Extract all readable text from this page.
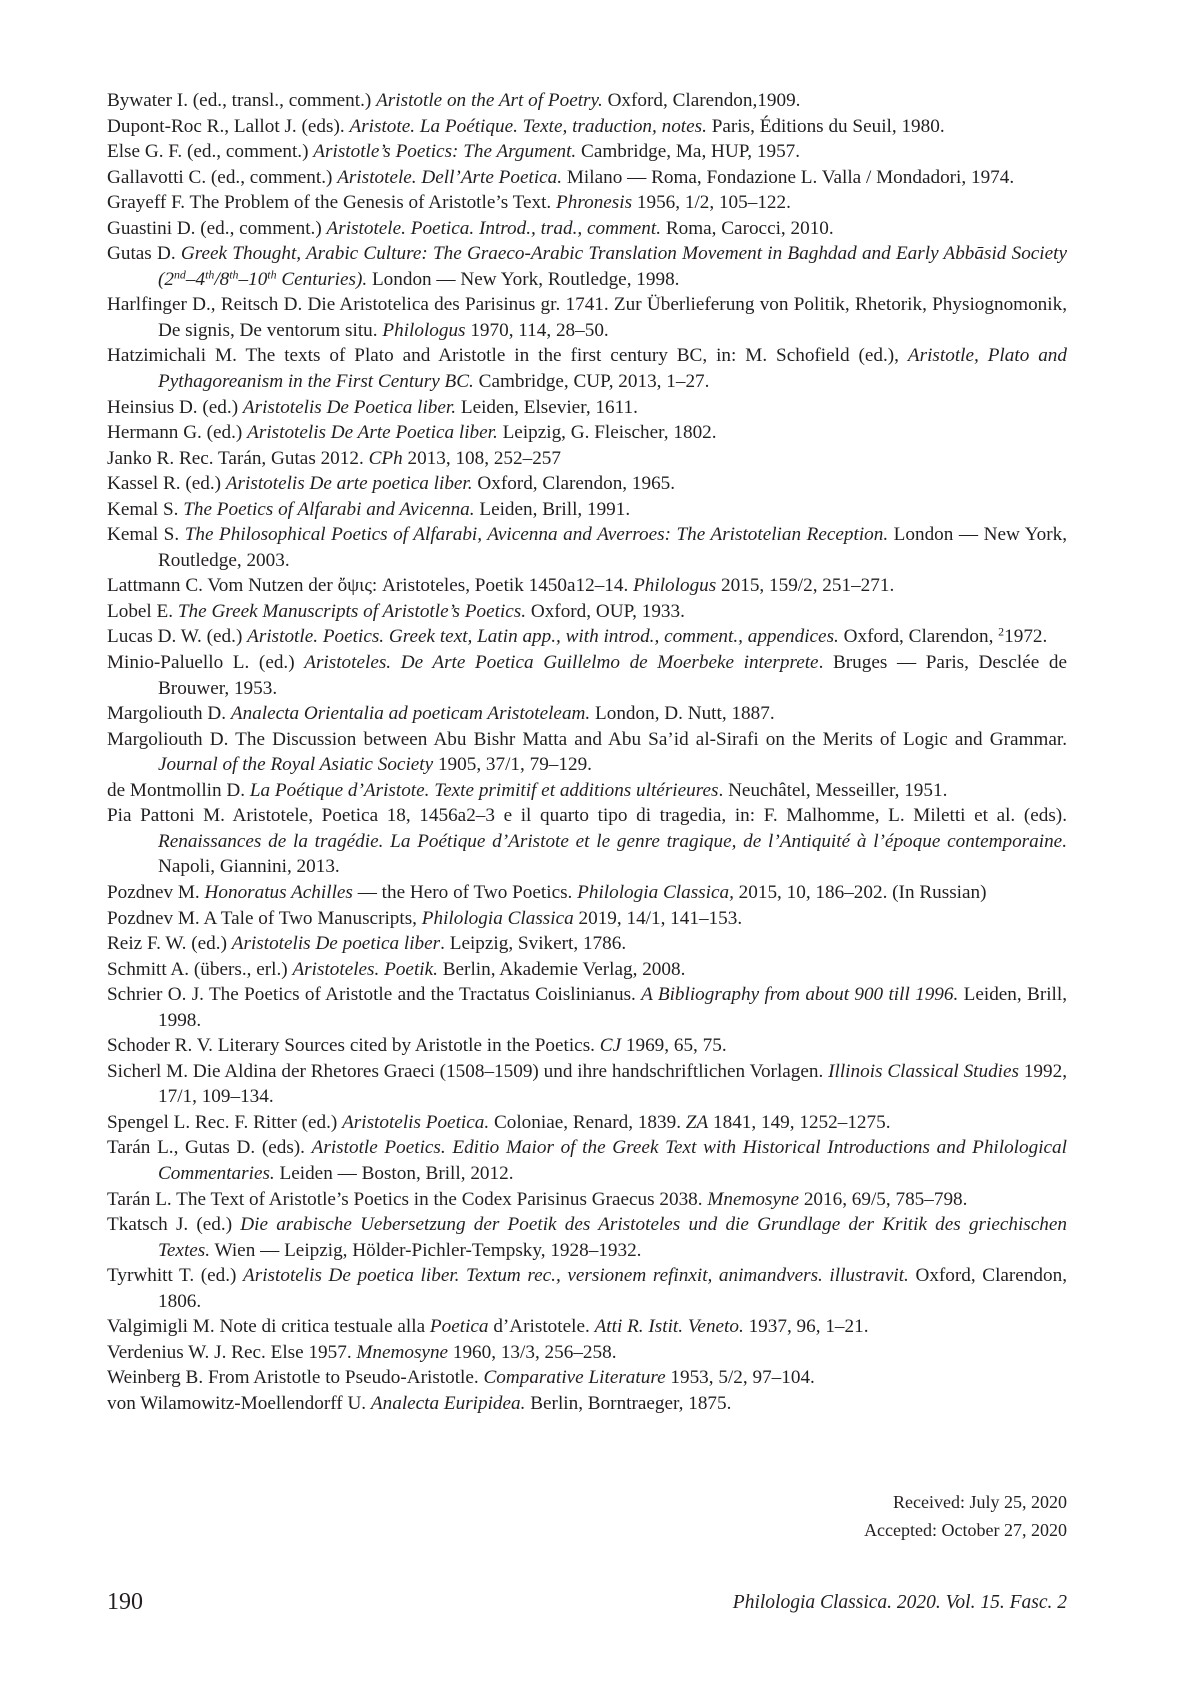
Bywater I. (ed., transl., comment.) Aristotle on the Art of Poetry. Oxford, Clarendon,1909.
Dupont-Roc R., Lallot J. (eds). Aristote. La Poétique. Texte, traduction, notes. Paris, Éditions du Seuil, 1980.
Else G. F. (ed., comment.) Aristotle’s Poetics: The Argument. Cambridge, Ma, HUP, 1957.
Gallavotti C. (ed., comment.) Aristotele. Dell’Arte Poetica. Milano — Roma, Fondazione L. Valla / Mondadori, 1974.
Grayeff F. The Problem of the Genesis of Aristotle’s Text. Phronesis 1956, 1/2, 105–122.
Guastini D. (ed., comment.) Aristotele. Poetica. Introd., trad., comment. Roma, Carocci, 2010.
Gutas D. Greek Thought, Arabic Culture: The Graeco-Arabic Translation Movement in Baghdad and Early Abbāsid Society (2nd–4th/8th–10th Centuries). London — New York, Routledge, 1998.
Harlfinger D., Reitsch D. Die Aristotelica des Parisinus gr. 1741. Zur Überlieferung von Politik, Rhetorik, Physiognomonik, De signis, De ventorum situ. Philologus 1970, 114, 28–50.
Hatzimichali M. The texts of Plato and Aristotle in the first century BC, in: M. Schofield (ed.), Aristotle, Plato and Pythagoreanism in the First Century BC. Cambridge, CUP, 2013, 1–27.
Heinsius D. (ed.) Aristotelis De Poetica liber. Leiden, Elsevier, 1611.
Hermann G. (ed.) Aristotelis De Arte Poetica liber. Leipzig, G. Fleischer, 1802.
Janko R. Rec. Tarán, Gutas 2012. CPh 2013, 108, 252–257
Kassel R. (ed.) Aristotelis De arte poetica liber. Oxford, Clarendon, 1965.
Kemal S. The Poetics of Alfarabi and Avicenna. Leiden, Brill, 1991.
Kemal S. The Philosophical Poetics of Alfarabi, Avicenna and Averroes: The Aristotelian Reception. London — New York, Routledge, 2003.
Lattmann C. Vom Nutzen der ὄψις: Aristoteles, Poetik 1450a12–14. Philologus 2015, 159/2, 251–271.
Lobel E. The Greek Manuscripts of Aristotle’s Poetics. Oxford, OUP, 1933.
Lucas D. W. (ed.) Aristotle. Poetics. Greek text, Latin app., with introd., comment., appendices. Oxford, Clarendon, $^2$1972.
Minio-Paluello L. (ed.) Aristoteles. De Arte Poetica Guillelmo de Moerbeke interprete. Bruges — Paris, Desclée de Brouwer, 1953.
Margoliouth D. Analecta Orientalia ad poeticam Aristoteleam. London, D. Nutt, 1887.
Margoliouth D. The Discussion between Abu Bishr Matta and Abu Sa’id al-Sirafi on the Merits of Logic and Grammar. Journal of the Royal Asiatic Society 1905, 37/1, 79–129.
de Montmollin D. La Poétique d’Aristote. Texte primitif et additions ultérieures. Neuchâtel, Messeiller, 1951.
Pia Pattoni M. Aristotele, Poetica 18, 1456a2–3 e il quarto tipo di tragedia, in: F. Malhomme, L. Miletti et al. (eds). Renaissances de la tragédie. La Poétique d’Aristote et le genre tragique, de l’Antiquité à l’époque contemporaine. Napoli, Giannini, 2013.
Pozdnev M. Honoratus Achilles — the Hero of Two Poetics. Philologia Classica, 2015, 10, 186–202. (In Russian)
Pozdnev M. A Tale of Two Manuscripts, Philologia Classica 2019, 14/1, 141–153.
Reiz F. W. (ed.) Aristotelis De poetica liber. Leipzig, Svikert, 1786.
Schmitt A. (übers., erl.) Aristoteles. Poetik. Berlin, Akademie Verlag, 2008.
Schrier O. J. The Poetics of Aristotle and the Tractatus Coislinianus. A Bibliography from about 900 till 1996. Leiden, Brill, 1998.
Schoder R. V. Literary Sources cited by Aristotle in the Poetics. CJ 1969, 65, 75.
Sicherl M. Die Aldina der Rhetores Graeci (1508–1509) und ihre handschriftlichen Vorlagen. Illinois Classical Studies 1992, 17/1, 109–134.
Spengel L. Rec. F. Ritter (ed.) Aristotelis Poetica. Coloniae, Renard, 1839. ZA 1841, 149, 1252–1275.
Tarán L., Gutas D. (eds). Aristotle Poetics. Editio Maior of the Greek Text with Historical Introductions and Philological Commentaries. Leiden — Boston, Brill, 2012.
Tarán L. The Text of Aristotle’s Poetics in the Codex Parisinus Graecus 2038. Mnemosyne 2016, 69/5, 785–798.
Tkatsch J. (ed.) Die arabische Uebersetzung der Poetik des Aristoteles und die Grundlage der Kritik des griechischen Textes. Wien — Leipzig, Hölder-Pichler-Tempsky, 1928–1932.
Tyrwhitt T. (ed.) Aristotelis De poetica liber. Textum rec., versionem refinxit, animandvers. illustravit. Oxford, Clarendon, 1806.
Valgimigli M. Note di critica testuale alla Poetica d’Aristotele. Atti R. Istit. Veneto. 1937, 96, 1–21.
Verdenius W. J. Rec. Else 1957. Mnemosyne 1960, 13/3, 256–258.
Weinberg B. From Aristotle to Pseudo-Aristotle. Comparative Literature 1953, 5/2, 97–104.
von Wilamowitz-Moellendorff U. Analecta Euripidea. Berlin, Borntraeger, 1875.
Received: July 25, 2020
Accepted: October 27, 2020
190	Philologia Classica. 2020. Vol. 15. Fasc. 2
